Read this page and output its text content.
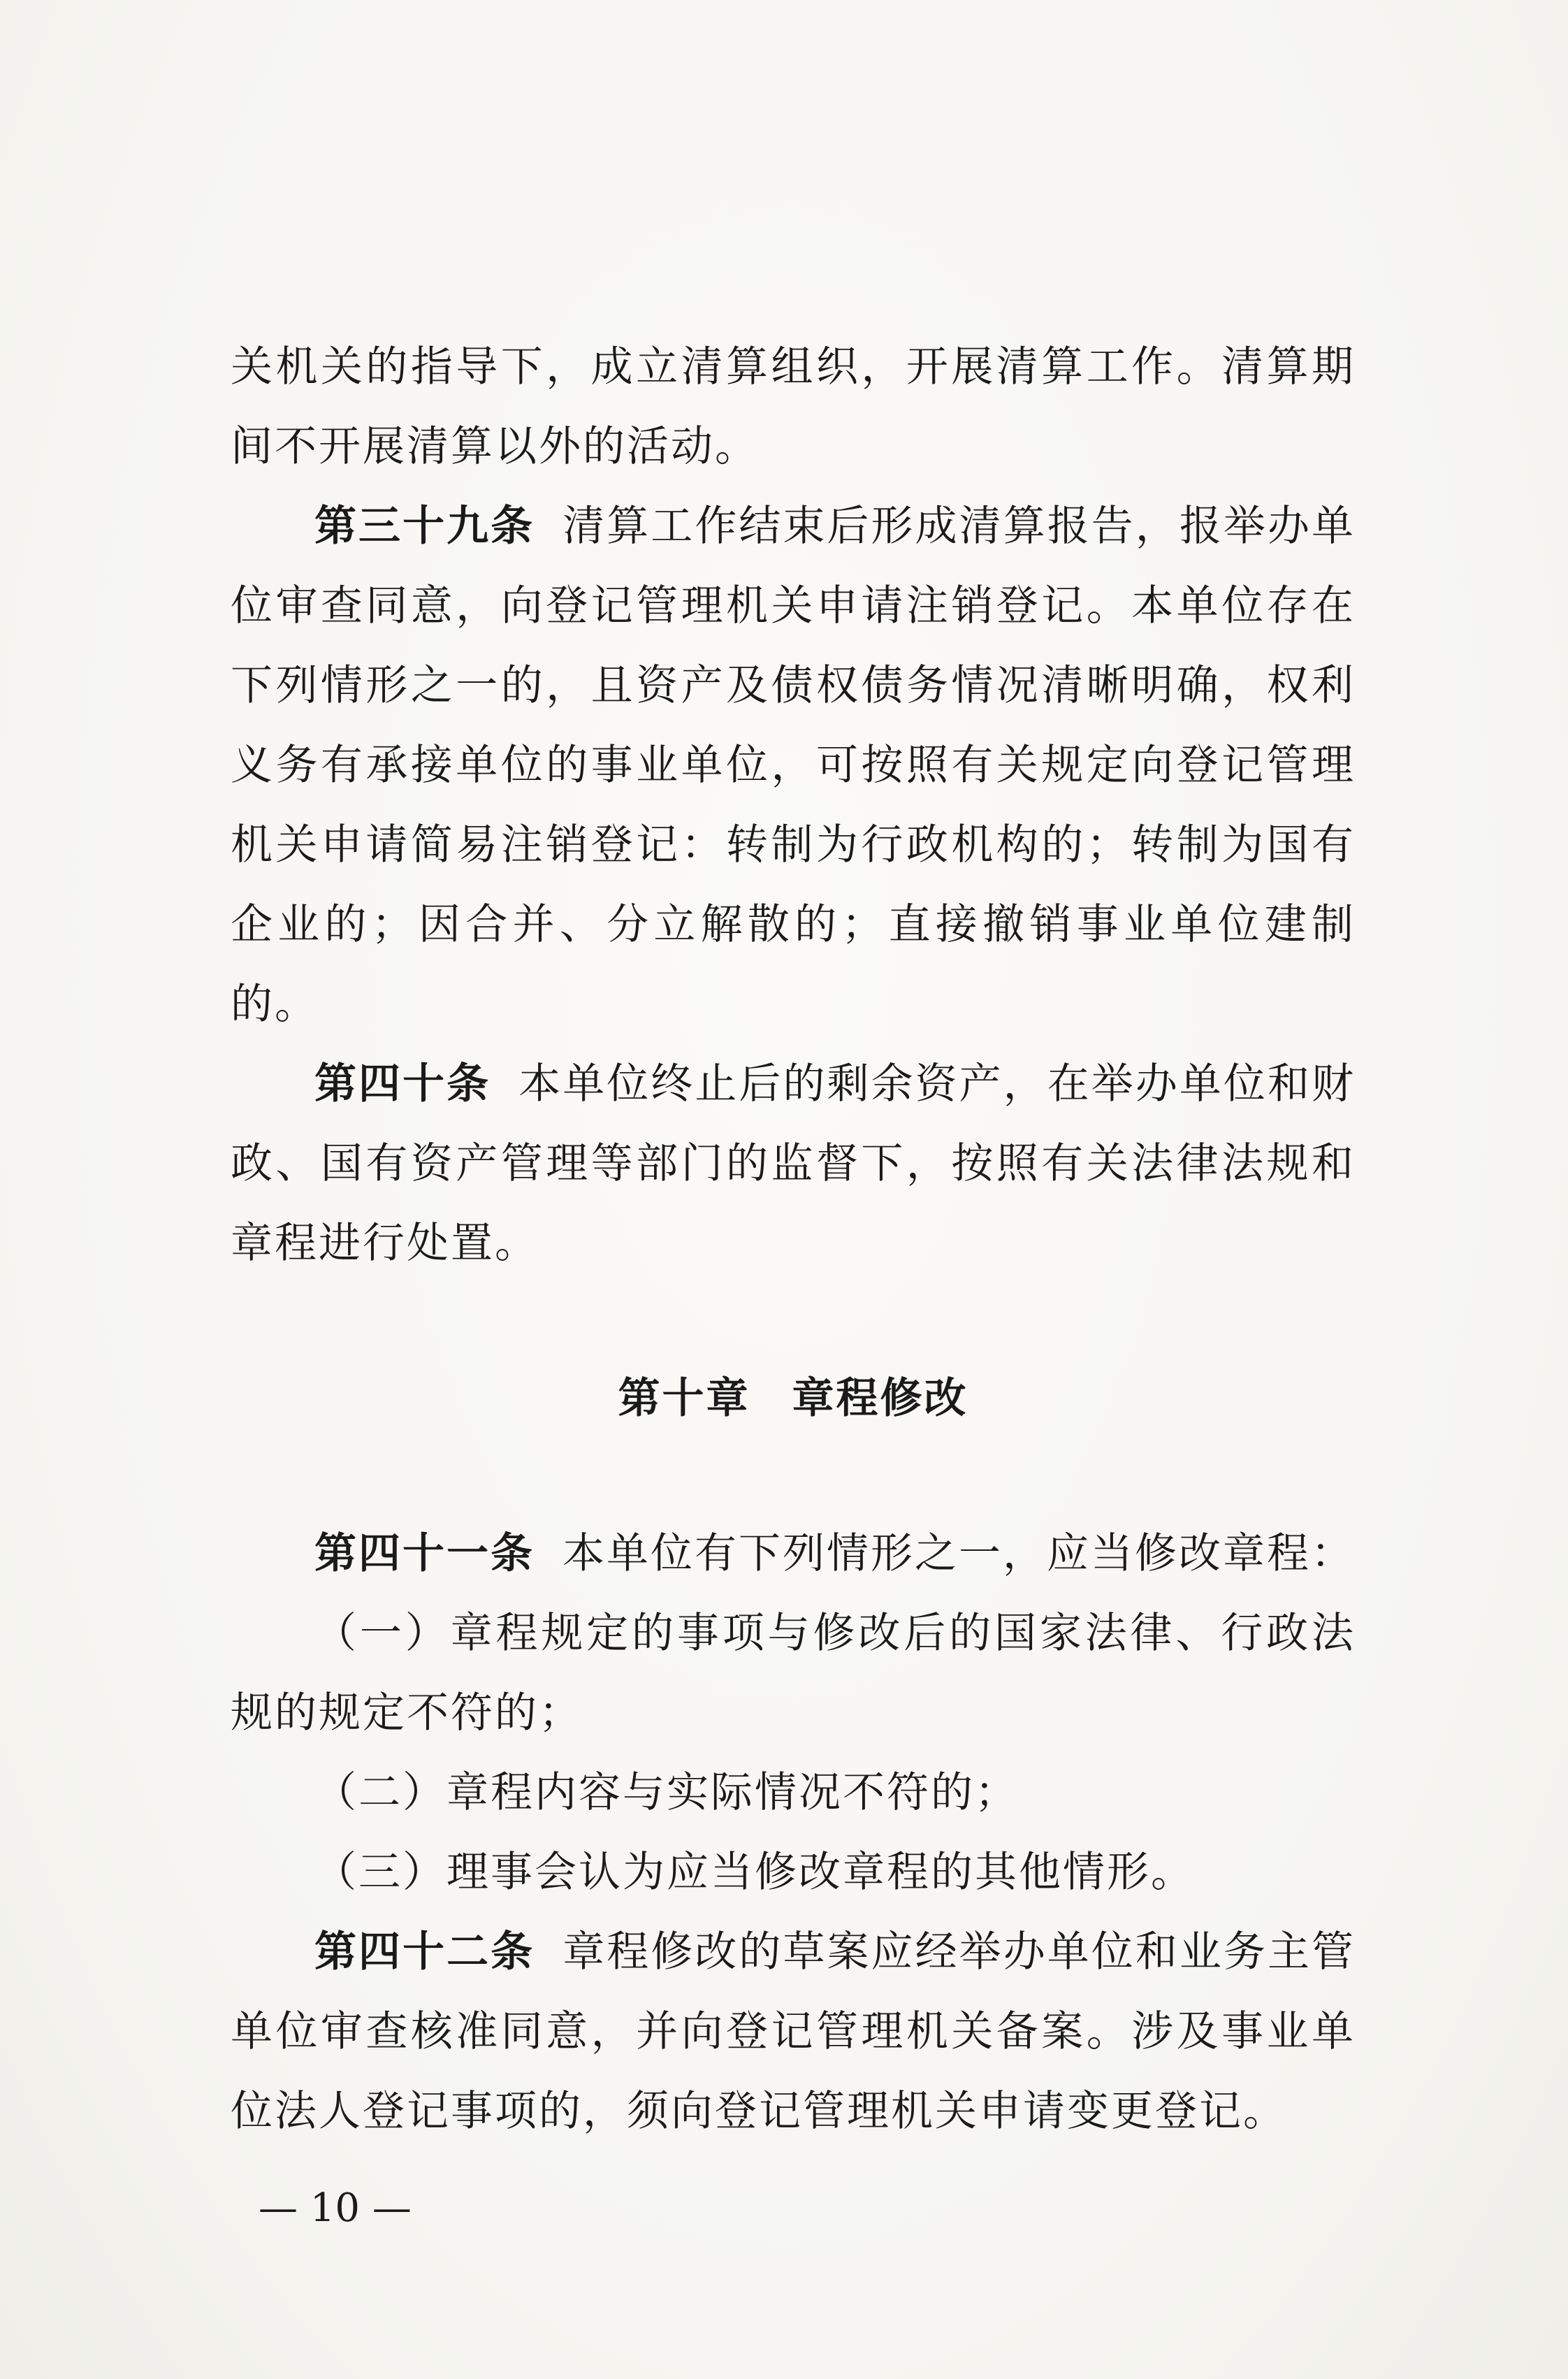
关机关的指导下，成立清算组织，开展清算工作。清算期间不开展清算以外的活动。

第三十九条 清算工作结束后形成清算报告，报举办单位审查同意，向登记管理机关申请注销登记。本单位存在下列情形之一的，且资产及债权债务情况清晰明确，权利义务有承接单位的事业单位，可按照有关规定向登记管理机关申请简易注销登记：转制为行政机构的；转制为国有企业的；因合并、分立解散的；直接撤销事业单位建制的。

第四十条 本单位终止后的剩余资产，在举办单位和财政、国有资产管理等部门的监督下，按照有关法律法规和章程进行处置。

第十章 章程修改

第四十一条 本单位有下列情形之一，应当修改章程：

（一）章程规定的事项与修改后的国家法律、行政法规的规定不符的；

（二）章程内容与实际情况不符的；

（三）理事会认为应当修改章程的其他情形。

第四十二条 章程修改的草案应经举办单位和业务主管单位审查核准同意，并向登记管理机关备案。涉及事业单位法人登记事项的，须向登记管理机关申请变更登记。

— 10 —
